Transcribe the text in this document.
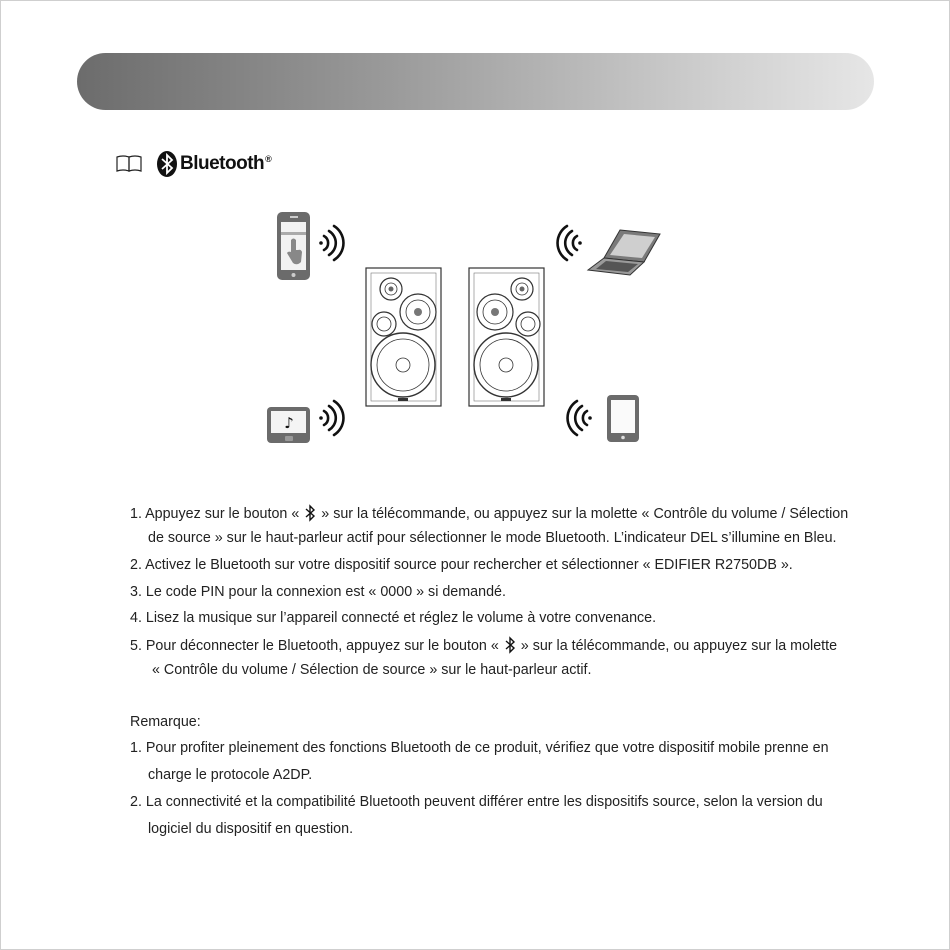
Bluetooth®
♪
1. Appuyez sur le bouton « » sur la télécommande, ou appuyez sur la molette « Contrôle du volume / Sélection
de source » sur le haut-parleur actif pour sélectionner le mode Bluetooth. L’indicateur DEL s’illumine en Bleu.
2. Activez le Bluetooth sur votre dispositif source pour rechercher et sélectionner « EDIFIER R2750DB ».
3. Le code PIN pour la connexion est « 0000 » si demandé.
4. Lisez la musique sur l’appareil connecté et réglez le volume à votre convenance.
5. Pour déconnecter le Bluetooth, appuyez sur le bouton « » sur la télécommande, ou appuyez sur la molette
« Contrôle du volume / Sélection de source » sur le haut-parleur actif.
Remarque:
1. Pour profiter pleinement des fonctions Bluetooth de ce produit, vérifiez que votre dispositif mobile prenne en
charge le protocole A2DP.
2. La connectivité et la compatibilité Bluetooth peuvent différer entre les dispositifs source, selon la version du
logiciel du dispositif en question.
